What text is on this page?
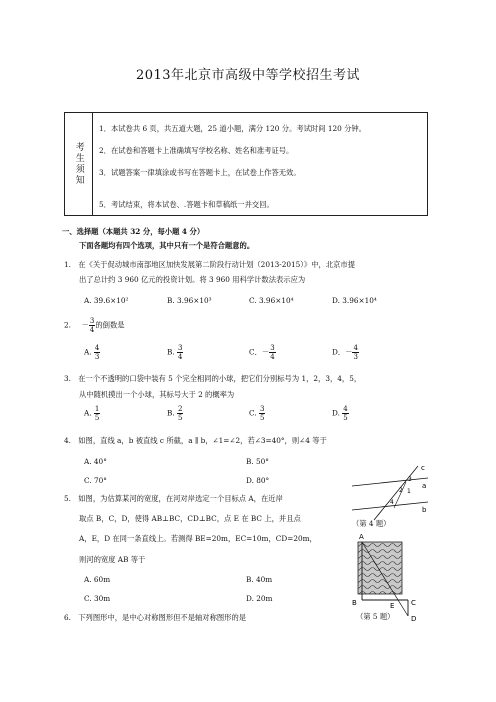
2013年北京市高级中等学校招生考试
考生须知
1．本试卷共 6 页，共五道大题，25 道小题，满分 120 分。考试时间 120 分钟。
2．在试卷和答题卡上准确填写学校名称、姓名和准考证号。
3．试题答案一律填涂或书写在答题卡上，在试卷上作答无效。
5．考试结束，将本试卷、.答题卡和草稿纸一并交回。
一、选择题（本题共 32 分，每小题 4 分）
下面各题均有四个选项，其中只有一个是符合题意的。
1.　在《关于促动城市南部地区加快发展第二阶段行动计划（2013-2015）》中，北京市提
出了总计约 3 960 亿元的投资计划。将 3 960 用科学计数法表示应为
A. 39.6×10²	B. 3.96×10³	C. 3.96×10⁴	D. 3.96×10⁴
2. － $\frac{3}{4}$ 的倒数是
A. $\frac{4}{3}$	B. $\frac{3}{4}$	C．－ $\frac{3}{4}$	D．－ $\frac{4}{3}$
3.　在一个不透明的口袋中装有 5 个完全相同的小球，把它们分别标号为 1，2，3，4，5，
从中随机摸出一个小球，其标号大于 2 的概率为
A. $\frac{1}{5}$	B. $\frac{2}{5}$	C. $\frac{3}{5}$	D. $\frac{4}{5}$
4.　如图，直线 a，b 被直线 c 所截，a ∥ b，∠1=∠2，若∠3=40°，则∠4 等于
A. 40°	B. 50°
C. 70°	D. 80°
c
a
b
3
2 1
4
（第 4 题）
5.　如图，为估算某河的宽度，在河对岸选定一个目标点 A，在近岸
取点 B，C，D，使得 AB⊥BC，CD⊥BC，点 E 在 BC 上，并且点
A，E，D 在同一条直线上。若测得 BE=20m，EC=10m，CD=20m，
则河的宽度 AB 等于
A. 60m	B. 40m
C. 30m	D. 20m
A
B	E C
D
（第 5 题）
6.　下列图形中，是中心对称图形但不是轴对称图形的是
